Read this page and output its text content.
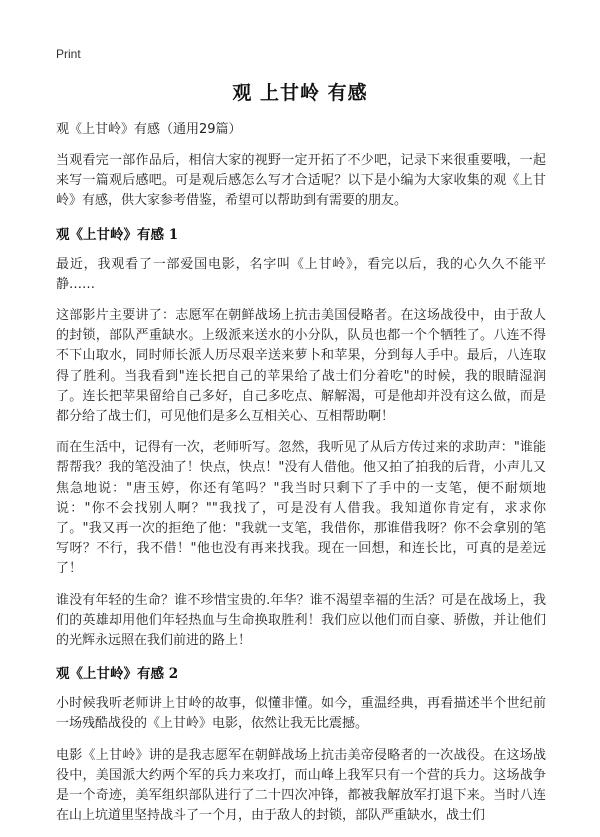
Print
观 上甘岭 有感
观《上甘岭》有感（通用29篇）

当观看完一部作品后，相信大家的视野一定开拓了不少吧，记录下来很重要哦，一起来写一篇观后感吧。可是观后感怎么写才合适呢？以下是小编为大家收集的观《上甘岭》有感，供大家参考借鉴，希望可以帮助到有需要的朋友。

观《上甘岭》有感 1

最近，我观看了一部爱国电影，名字叫《上甘岭》，看完以后，我的心久久不能平静……

这部影片主要讲了：志愿军在朝鲜战场上抗击美国侵略者。在这场战役中，由于敌人的封锁，部队严重缺水。上级派来送水的小分队，队员也都一个个牺牲了。八连不得不下山取水，同时师长派人历尽艰辛送来萝卜和苹果，分到每人手中。最后，八连取得了胜利。当我看到"连长把自己的苹果给了战士们分着吃"的时候，我的眼睛湿润了。连长把苹果留给自己多好，自己多吃点、解解渴，可是他却并没有这么做，而是都分给了战士们，可见他们是多么互相关心、互相帮助啊！

而在生活中，记得有一次，老师听写。忽然，我听见了从后方传过来的求助声："谁能帮帮我？我的笔没油了！快点，快点！"没有人借他。他又拍了拍我的后背，小声儿又焦急地说："唐玉婷，你还有笔吗？"我当时只剩下了手中的一支笔，便不耐烦地说："你不会找别人啊？""我找了，可是没有人借我。我知道你肯定有，求求你了。"我又再一次的拒绝了他："我就一支笔，我借你，那谁借我呀？你不会拿别的笔写呀？不行，我不借！"他也没有再来找我。现在一回想，和连长比，可真的是差远了！

谁没有年轻的生命？谁不珍惜宝贵的.年华？谁不渴望幸福的生活？可是在战场上，我们的英雄却用他们年轻热血与生命换取胜利！我们应以他们而自豪、骄傲，并让他们的光辉永远照在我们前进的路上！

观《上甘岭》有感 2

小时候我听老师讲上甘岭的故事，似懂非懂。如今，重温经典，再看描述半个世纪前一场残酷战役的《上甘岭》电影，依然让我无比震撼。

电影《上甘岭》讲的是我志愿军在朝鲜战场上抗击美帝侵略者的一次战役。在这场战役中，美国派大约两个军的兵力来攻打，而山峰上我军只有一个营的兵力。这场战争是一个奇迹，美军组织部队进行了二十四次冲锋，都被我解放军打退下来。当时八连在山上坑道里坚持战斗了一个月，由于敌人的封锁，部队严重缺水，战士们
